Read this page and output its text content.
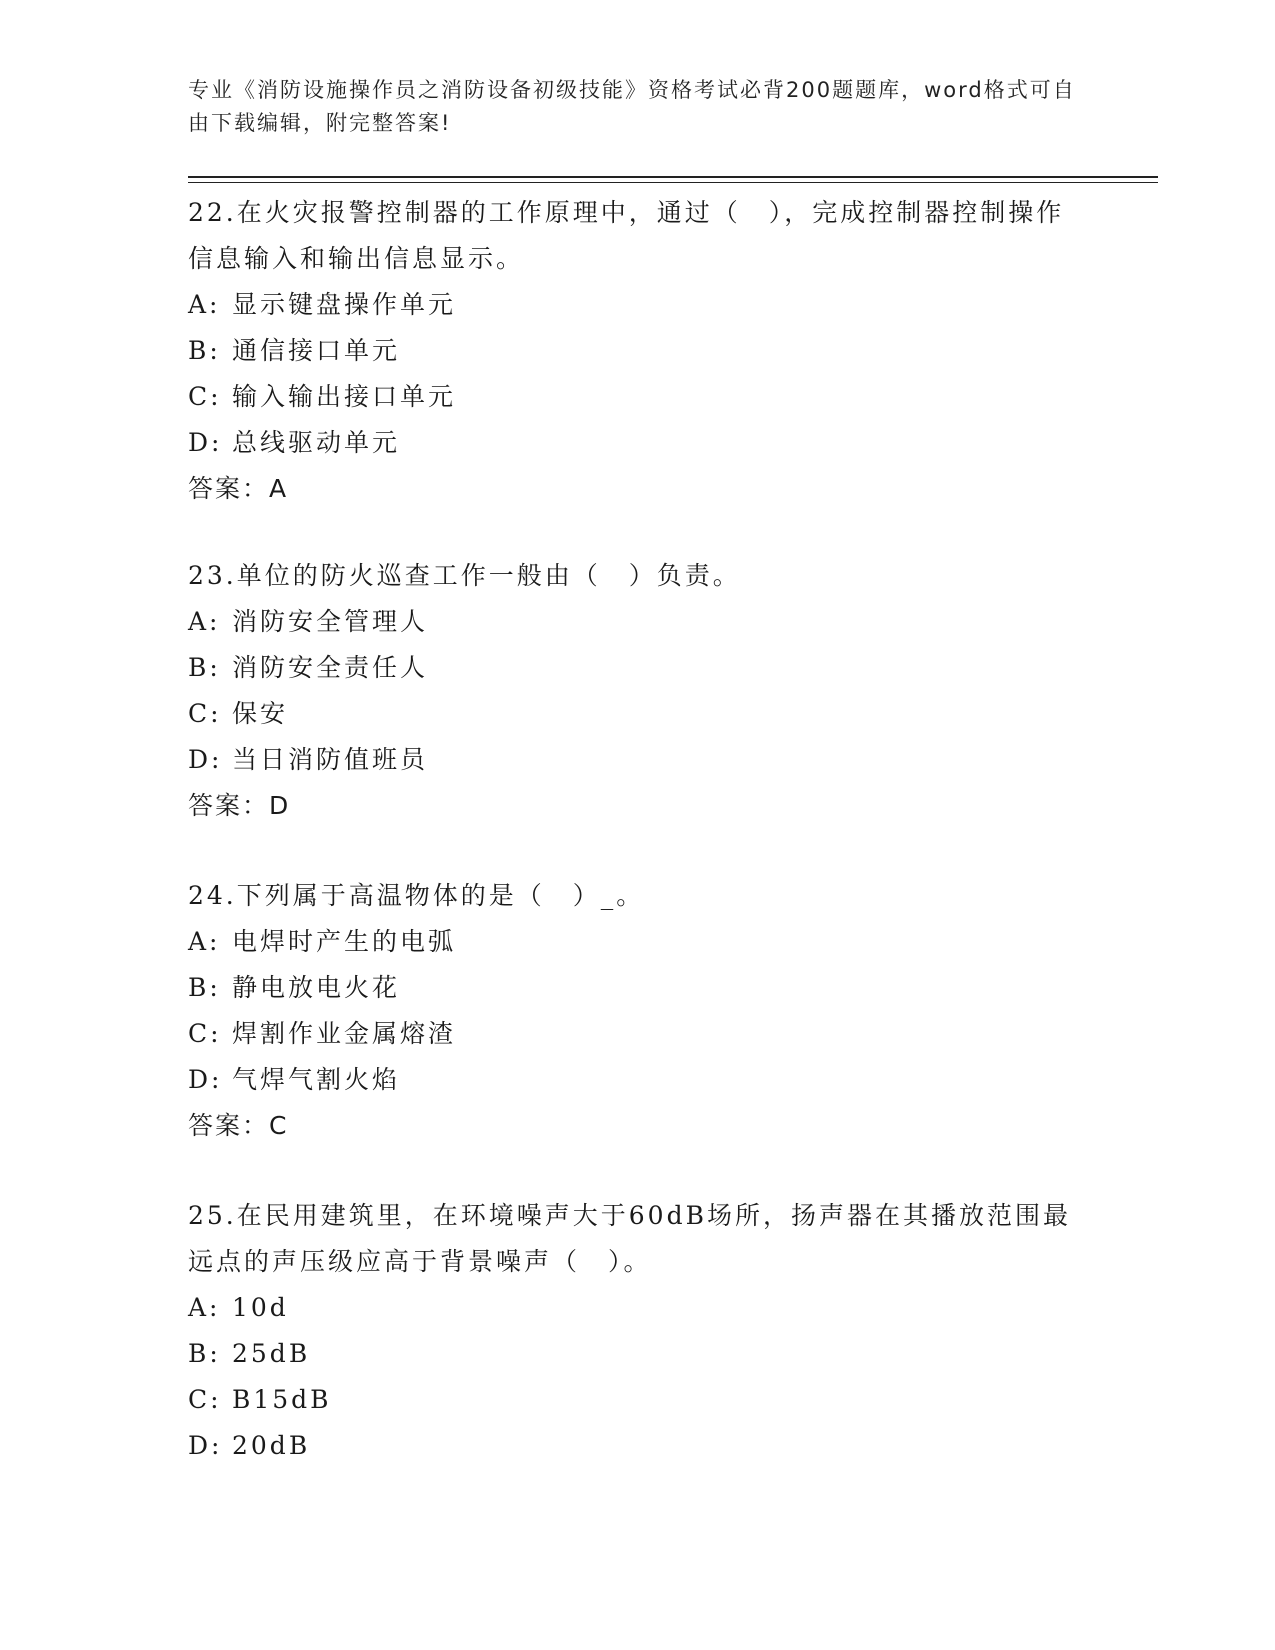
专业《消防设施操作员之消防设备初级技能》资格考试必背200题题库，word格式可自由下载编辑，附完整答案!

22.在火灾报警控制器的工作原理中，通过（　），完成控制器控制操作信息输入和输出信息显示。

A: 显示键盘操作单元

B: 通信接口单元

C: 输入输出接口单元

D: 总线驱动单元

答案：A

23.单位的防火巡查工作一般由（　）负责。

A: 消防安全管理人

B: 消防安全责任人

C: 保安

D: 当日消防值班员

答案：D

24.下列属于高温物体的是（　）_。

A: 电焊时产生的电弧

B: 静电放电火花

C: 焊割作业金属熔渣

D: 气焊气割火焰

答案：C

25.在民用建筑里，在环境噪声大于60dB场所，扬声器在其播放范围最远点的声压级应高于背景噪声（　）。

A: 10d

B: 25dB

C: B15dB

D: 20dB
